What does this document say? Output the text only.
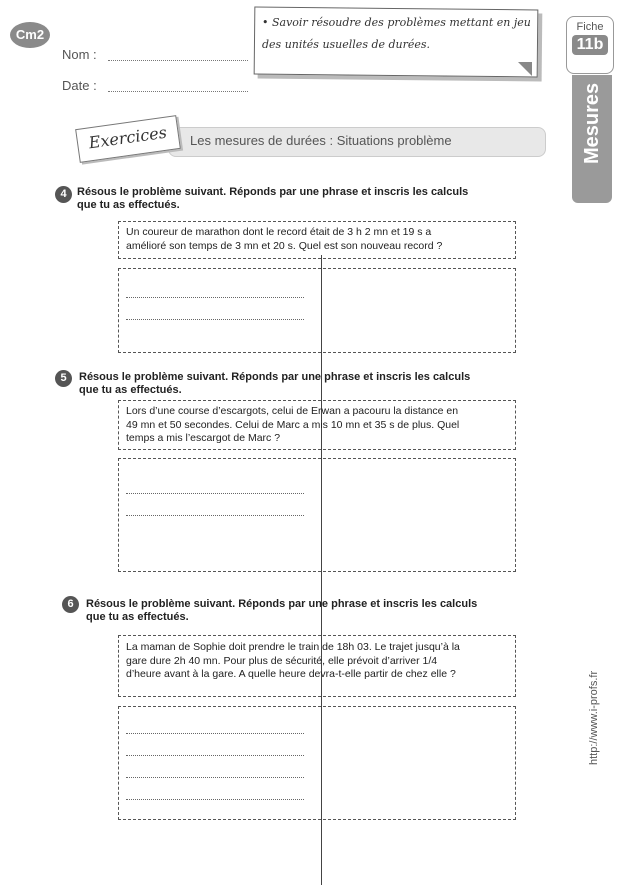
Cm2
Nom :
Date :
• Savoir résoudre des problèmes mettant en jeu des unités usuelles de durées.
Mesures
Fiche
11b
Exercices	Les mesures de durées : Situations problème
4 Résous le problème suivant. Réponds par une phrase et inscris les calculs
que tu as effectués.
Un coureur de marathon dont le record était de 3 h 2 mn et 19 s a
amélioré son temps de 3 mn et 20 s. Quel est son nouveau record ?
5	Résous le problème suivant. Réponds par une phrase et inscris les calculs
que tu as effectués.
Lors d’une course d’escargots, celui de Erwan a pacouru la distance en
49 mn et 50 secondes. Celui de Marc a mis 10 mn et 35 s de plus. Quel
temps a mis l’escargot de Marc ?
6	Résous le problème suivant. Réponds par une phrase et inscris les calculs
que tu as effectués.
La maman de Sophie doit prendre le train de 18h 03. Le trajet jusqu’à la
gare dure 2h 40 mn. Pour plus de sécurité, elle prévoit d’arriver 1/4
d’heure avant à la gare. A quelle heure devra-t-elle partir de chez elle ?	http://www.i-profs.fr
